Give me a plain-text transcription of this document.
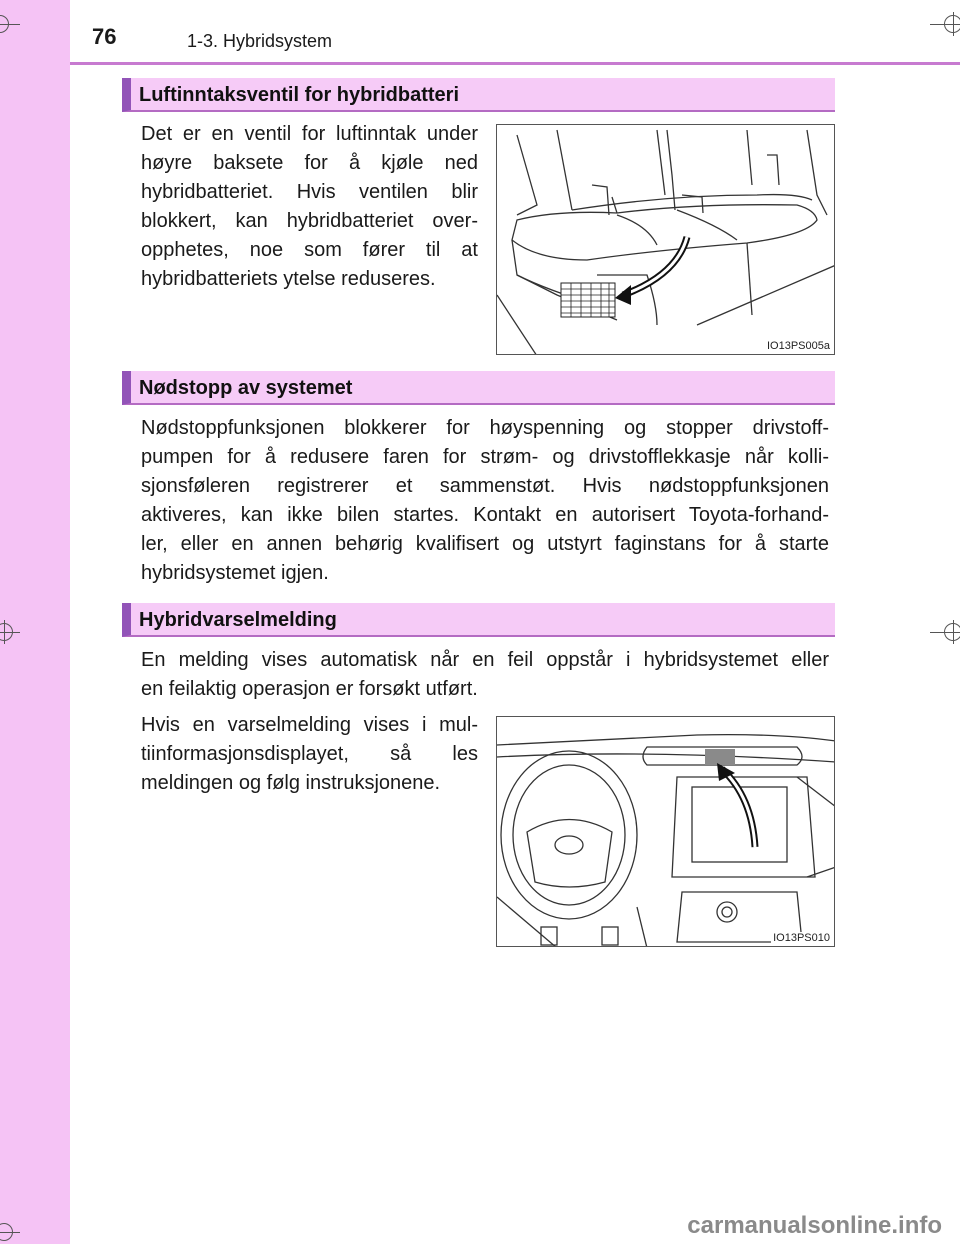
76	1-3. Hybridsystem
Luftinntaksventil for hybridbatteri

Det er en ventil for luftinntak under

høyre baksete for å kjøle ned

hybridbatteriet. Hvis ventilen blir

blokkert, kan hybridbatteriet over-

opphetes, noe som fører til at

hybridbatteriets ytelse reduseres.

IO13PS005a
Nødstopp av systemet

Nødstoppfunksjonen blokkerer for høyspenning og stopper drivstoff-

pumpen for å redusere faren for strøm- og drivstofflekkasje når kolli-

sjonsføleren registrerer et sammenstøt. Hvis nødstoppfunksjonen

aktiveres, kan ikke bilen startes. Kontakt en autorisert Toyota-forhand-

ler, eller en annen behørig kvalifisert og utstyrt faginstans for å starte

hybridsystemet igjen.

Hybridvarselmelding

En melding vises automatisk når en feil oppstår i hybridsystemet eller

en feilaktig operasjon er forsøkt utført.

Hvis en varselmelding vises i mul-

tiinformasjonsdisplayet, så les

meldingen og følg instruksjonene.

IO13PS010
carmanualsonline.info
